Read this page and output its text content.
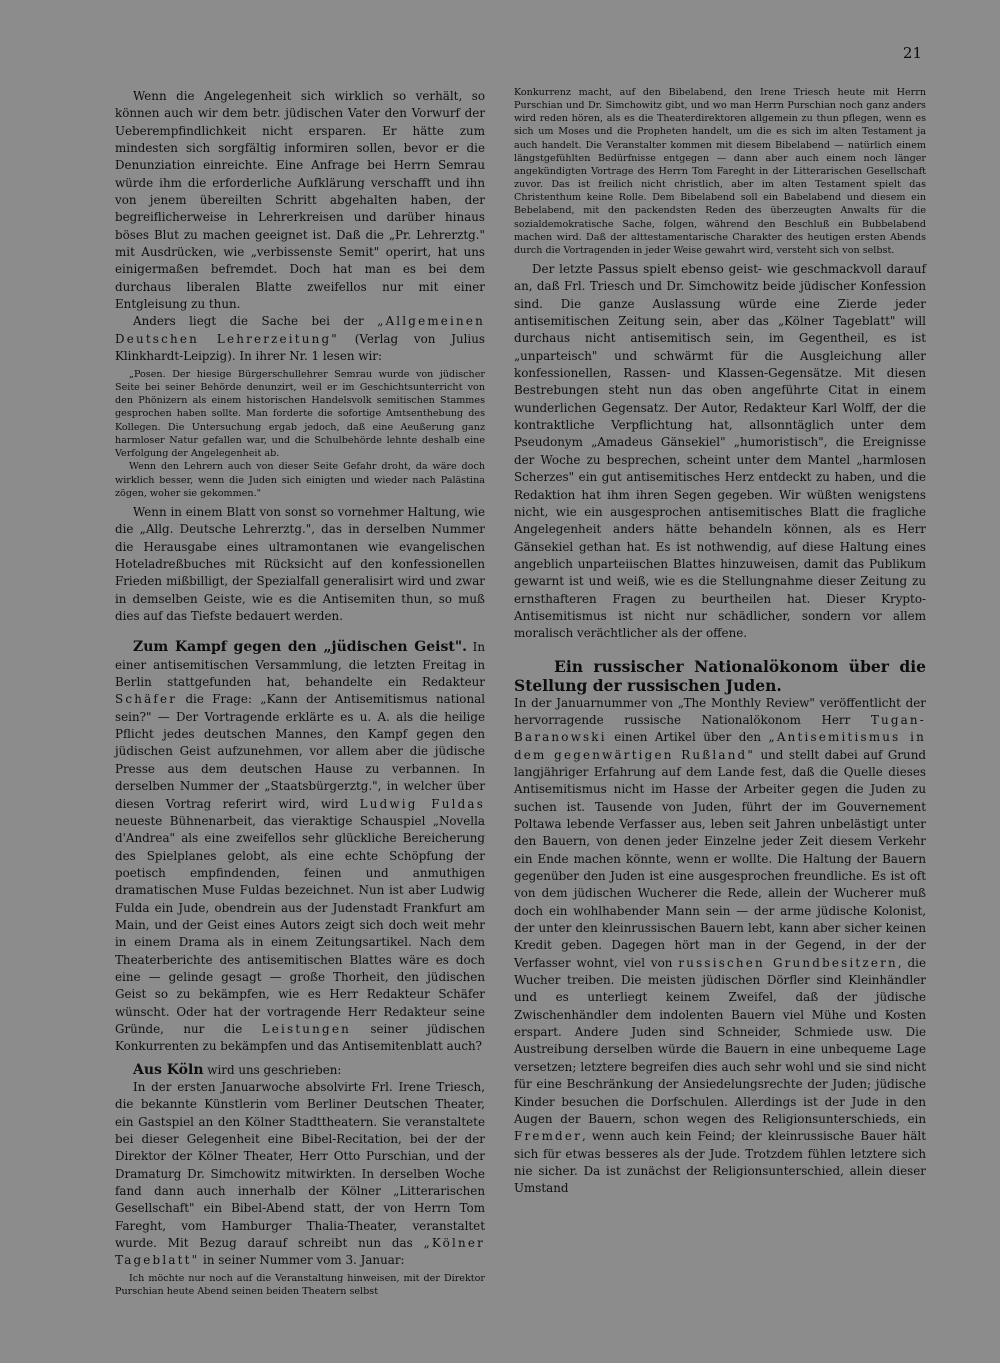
21

Wenn die Angelegenheit sich wirklich so verhält, so können auch wir dem betr. jüdischen Vater den Vorwurf der Ueberempfindlichkeit nicht ersparen. Er hätte zum mindesten sich sorgfältig informiren sollen, bevor er die Denunziation einreichte. Eine Anfrage bei Herrn Semrau würde ihm die erforderliche Aufklärung verschafft und ihn von jenem übereilten Schritt abgehalten haben, der begreiflicherweise in Lehrerkreisen und darüber hinaus böses Blut zu machen geeignet ist. Daß die „Pr. Lehrerztg." mit Ausdrücken, wie „verbissenste Semit" operirt, hat uns einigermaßen befremdet. Doch hat man es bei dem durchaus liberalen Blatte zweifellos nur mit einer Entgleisung zu thun.

Anders liegt die Sache bei der „Allgemeinen Deutschen Lehrerzeitung" (Verlag von Julius Klinkhardt-Leipzig). In ihrer Nr. 1 lesen wir:

„Posen. Der hiesige Bürgerschullehrer Semrau wurde von jüdischer Seite bei seiner Behörde denunzirt, weil er im Geschichtsunterricht von den Phönizern als einem historischen Handelsvolk semitischen Stammes gesprochen haben sollte. Man forderte die sofortige Amtsenthebung des Kollegen. Die Untersuchung ergab jedoch, daß eine Aeußerung ganz harmloser Natur gefallen war, und die Schulbehörde lehnte deshalb eine Verfolgung der Angelegenheit ab.

Wenn den Lehrern auch von dieser Seite Gefahr droht, da wäre doch wirklich besser, wenn die Juden sich einigten und wieder nach Palästina zögen, woher sie gekommen."

Wenn in einem Blatt von sonst so vornehmer Haltung, wie die „Allg. Deutsche Lehrerztg.", das in derselben Nummer die Herausgabe eines ultramontanen wie evangelischen Hoteladreßbuches mit Rücksicht auf den konfessionellen Frieden mißbilligt, der Spezialfall generalisirt wird und zwar in demselben Geiste, wie es die Antisemiten thun, so muß dies auf das Tiefste bedauert werden.

Zum Kampf gegen den „jüdischen Geist". In einer antisemitischen Versammlung, die letzten Freitag in Berlin stattgefunden hat, behandelte ein Redakteur Schäfer die Frage: „Kann der Antisemitismus national sein?" — Der Vortragende erklärte es u. A. als die heilige Pflicht jedes deutschen Mannes, den Kampf gegen den jüdischen Geist aufzunehmen, vor allem aber die jüdische Presse aus dem deutschen Hause zu verbannen. In derselben Nummer der „Staatsbürgerztg.", in welcher über diesen Vortrag referirt wird, wird Ludwig Fuldas neueste Bühnenarbeit, das vieraktige Schauspiel „Novella d'Andrea" als eine zweifellos sehr glückliche Bereicherung des Spielplanes gelobt, als eine echte Schöpfung der poetisch empfindenden, feinen und anmuthigen dramatischen Muse Fuldas bezeichnet. Nun ist aber Ludwig Fulda ein Jude, obendrein aus der Judenstadt Frankfurt am Main, und der Geist eines Autors zeigt sich doch weit mehr in einem Drama als in einem Zeitungsartikel. Nach dem Theaterberichte des antisemitischen Blattes wäre es doch eine — gelinde gesagt — große Thorheit, den jüdischen Geist so zu bekämpfen, wie es Herr Redakteur Schäfer wünscht. Oder hat der vortragende Herr Redakteur seine Gründe, nur die Leistungen seiner jüdischen Konkurrenten zu bekämpfen und das Antisemitenblatt auch?

Aus Köln wird uns geschrieben:

In der ersten Januarwoche absolvirte Frl. Irene Triesch, die bekannte Künstlerin vom Berliner Deutschen Theater, ein Gastspiel an den Kölner Stadttheatern. Sie veranstaltete bei dieser Gelegenheit eine Bibel-Recitation, bei der der Direktor der Kölner Theater, Herr Otto Purschian, und der Dramaturg Dr. Simchowitz mitwirkten. In derselben Woche fand dann auch innerhalb der Kölner „Litterarischen Gesellschaft" ein Bibel-Abend statt, der von Herrn Tom Fareght, vom Hamburger Thalia-Theater, veranstaltet wurde. Mit Bezug darauf schreibt nun das „Kölner Tageblatt" in seiner Nummer vom 3. Januar:

Ich möchte nur noch auf die Veranstaltung hinweisen, mit der Direktor Purschian heute Abend seinen beiden Theatern selbst

Konkurrenz macht, auf den Bibelabend, den Irene Triesch heute mit Herrn Purschian und Dr. Simchowitz gibt, und wo man Herrn Purschian noch ganz anders wird reden hören, als es die Theaterdirektoren allgemein zu thun pflegen, wenn es sich um Moses und die Propheten handelt, um die es sich im alten Testament ja auch handelt. Die Veranstalter kommen mit diesem Bibelabend — natürlich einem längstgefühlten Bedürfnisse entgegen — dann aber auch einem noch länger angekündigten Vortrage des Herrn Tom Fareght in der Litterarischen Gesellschaft zuvor. Das ist freilich nicht christlich, aber im alten Testament spielt das Christenthum keine Rolle. Dem Bibelabend soll ein Babelabend und diesem ein Bebelabend, mit den packendsten Reden des überzeugten Anwalts für die sozialdemokratische Sache, folgen, während den Beschluß ein Bubbelabend machen wird. Daß der alttestamentarische Charakter des heutigen ersten Abends durch die Vortragenden in jeder Weise gewahrt wird, versteht sich von selbst.

Der letzte Passus spielt ebenso geist- wie geschmackvoll darauf an, daß Frl. Triesch und Dr. Simchowitz beide jüdischer Konfession sind. Die ganze Auslassung würde eine Zierde jeder antisemitischen Zeitung sein, aber das „Kölner Tageblatt" will durchaus nicht antisemitisch sein, im Gegentheil, es ist „unparteisch" und schwärmt für die Ausgleichung aller konfessionellen, Rassen- und Klassen-Gegensätze. Mit diesen Bestrebungen steht nun das oben angeführte Citat in einem wunderlichen Gegensatz. Der Autor, Redakteur Karl Wolff, der die kontraktliche Verpflichtung hat, allsonntäglich unter dem Pseudonym „Amadeus Gänsekiel" „humoristisch", die Ereignisse der Woche zu besprechen, scheint unter dem Mantel „harmlosen Scherzes" ein gut antisemitisches Herz entdeckt zu haben, und die Redaktion hat ihm ihren Segen gegeben. Wir wüßten wenigstens nicht, wie ein ausgesprochen antisemitisches Blatt die fragliche Angelegenheit anders hätte behandeln können, als es Herr Gänsekiel gethan hat. Es ist nothwendig, auf diese Haltung eines angeblich unparteiischen Blattes hinzuweisen, damit das Publikum gewarnt ist und weiß, wie es die Stellungnahme dieser Zeitung zu ernsthafteren Fragen zu beurtheilen hat. Dieser Krypto-Antisemitismus ist nicht nur schädlicher, sondern vor allem moralisch verächtlicher als der offene.

Ein russischer Nationalökonom über die Stellung der russischen Juden.

In der Januarnummer von „The Monthly Review" veröffentlicht der hervorragende russische Nationalökonom Herr Tugan-Baranowski einen Artikel über den „Antisemitismus in dem gegenwärtigen Rußland" und stellt dabei auf Grund langjähriger Erfahrung auf dem Lande fest, daß die Quelle dieses Antisemitismus nicht im Hasse der Arbeiter gegen die Juden zu suchen ist. Tausende von Juden, führt der im Gouvernement Poltawa lebende Verfasser aus, leben seit Jahren unbelästigt unter den Bauern, von denen jeder Einzelne jeder Zeit diesem Verkehr ein Ende machen könnte, wenn er wollte. Die Haltung der Bauern gegenüber den Juden ist eine ausgesprochen freundliche. Es ist oft von dem jüdischen Wucherer die Rede, allein der Wucherer muß doch ein wohlhabender Mann sein — der arme jüdische Kolonist, der unter den kleinrussischen Bauern lebt, kann aber sicher keinen Kredit geben. Dagegen hört man in der Gegend, in der der Verfasser wohnt, viel von russischen Grundbesitzern, die Wucher treiben. Die meisten jüdischen Dörfler sind Kleinhändler und es unterliegt keinem Zweifel, daß der jüdische Zwischenhändler dem indolenten Bauern viel Mühe und Kosten erspart. Andere Juden sind Schneider, Schmiede usw. Die Austreibung derselben würde die Bauern in eine unbequeme Lage versetzen; letztere begreifen dies auch sehr wohl und sie sind nicht für eine Beschränkung der Ansiedelungsrechte der Juden; jüdische Kinder besuchen die Dorfschulen. Allerdings ist der Jude in den Augen der Bauern, schon wegen des Religionsunterschieds, ein Fremder, wenn auch kein Feind; der kleinrussische Bauer hält sich für etwas besseres als der Jude. Trotzdem fühlen letztere sich nie sicher. Da ist zunächst der Religionsunterschied, allein dieser Umstand
